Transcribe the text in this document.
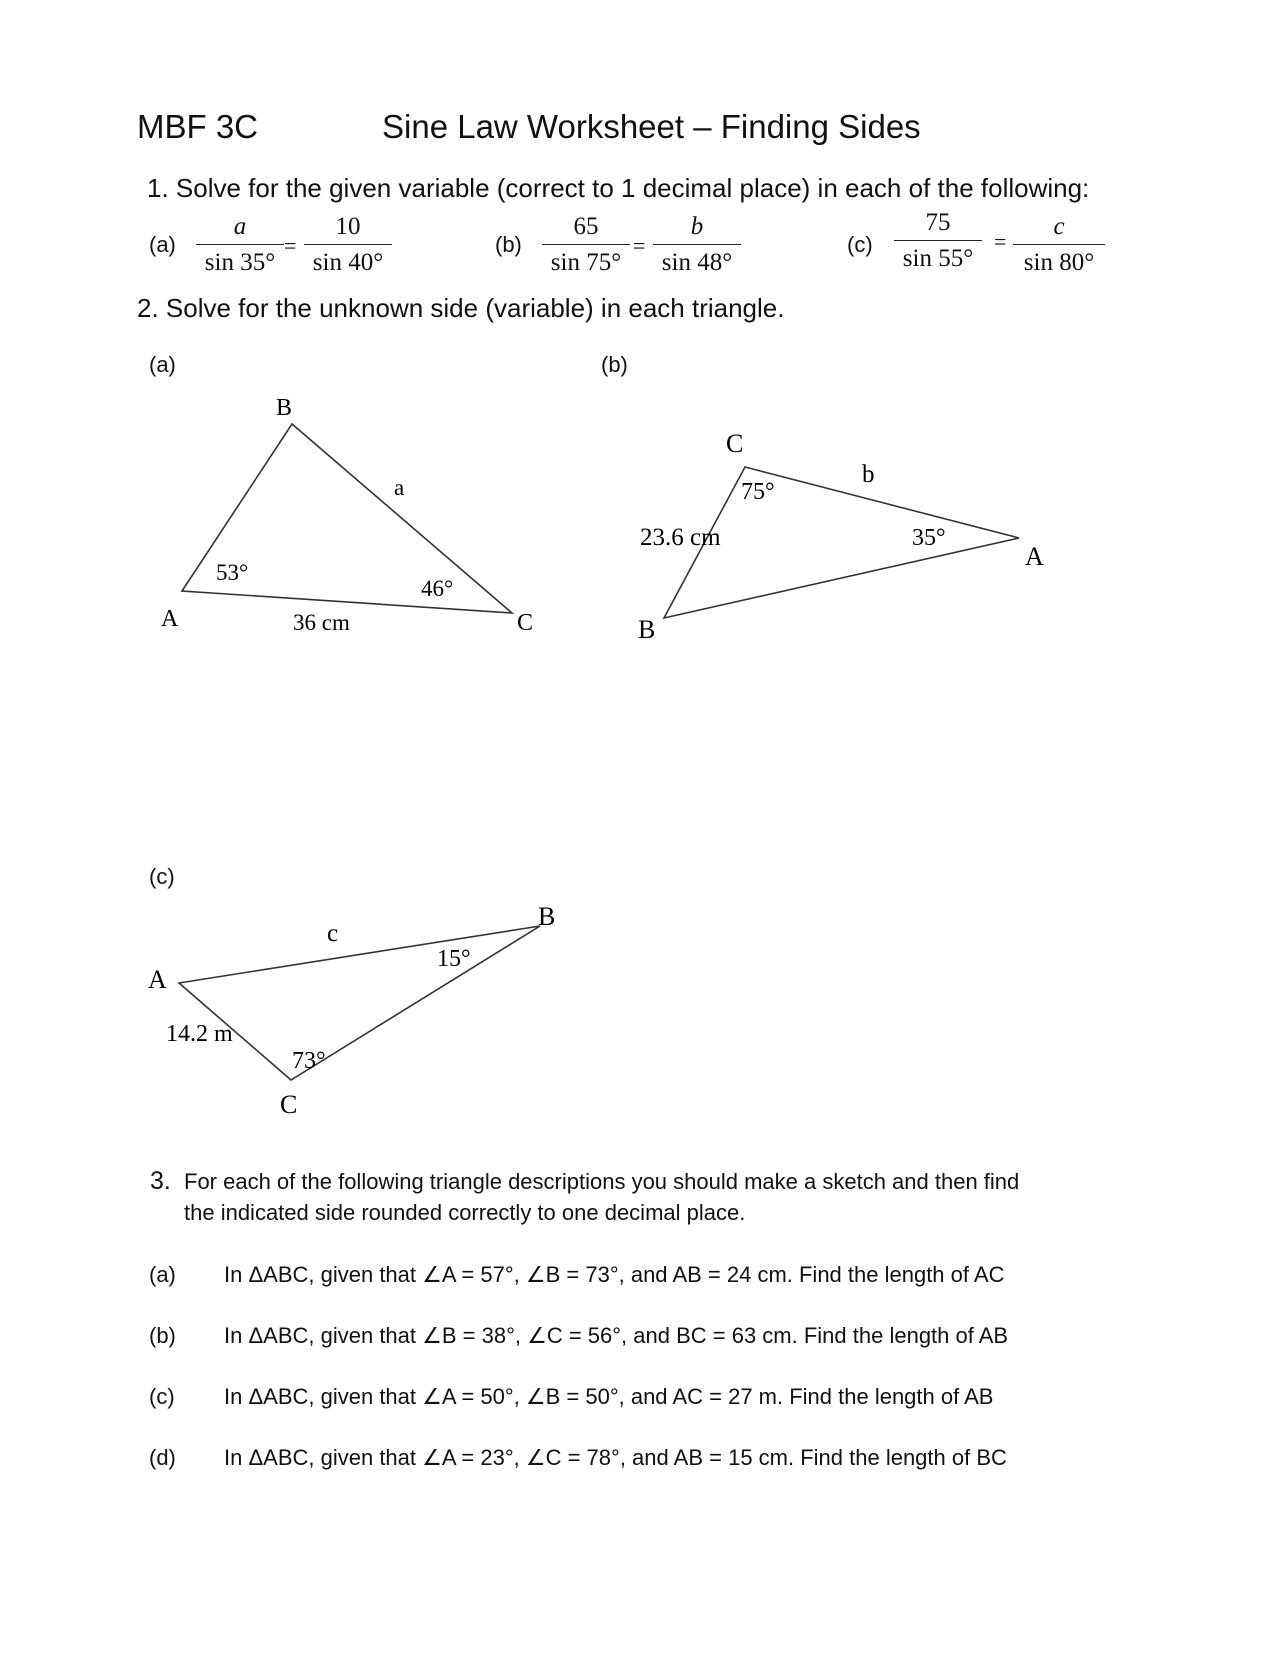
MBF 3C	Sine Law Worksheet – Finding Sides
1. Solve for the given variable (correct to 1 decimal place) in each of the following:
(a)
a
sin 35°
=
10
sin 40°
(b)
65
sin 75°
=
b
sin 48°
(c)
75
sin 55°
=
c
sin 80°
2. Solve for the unknown side (variable) in each triangle.
(a)	(b)
(c)
B
A	C
a
53°
46°
36 cm
C
A
B
b
75°
35°
23.6 cm
A
B
C
c
15°
73°
14.2 m
3. For each of the following triangle descriptions you should make a sketch and then find
the indicated side rounded correctly to one decimal place.
(a) In ΔABC, given that ∠A = 57°, ∠B = 73°, and AB = 24 cm. Find the length of AC
(b) In ΔABC, given that ∠B = 38°, ∠C = 56°, and BC = 63 cm. Find the length of AB
(c) In ΔABC, given that ∠A = 50°, ∠B = 50°, and AC = 27 m. Find the length of AB
(d) In ΔABC, given that ∠A = 23°, ∠C = 78°, and AB = 15 cm. Find the length of BC
